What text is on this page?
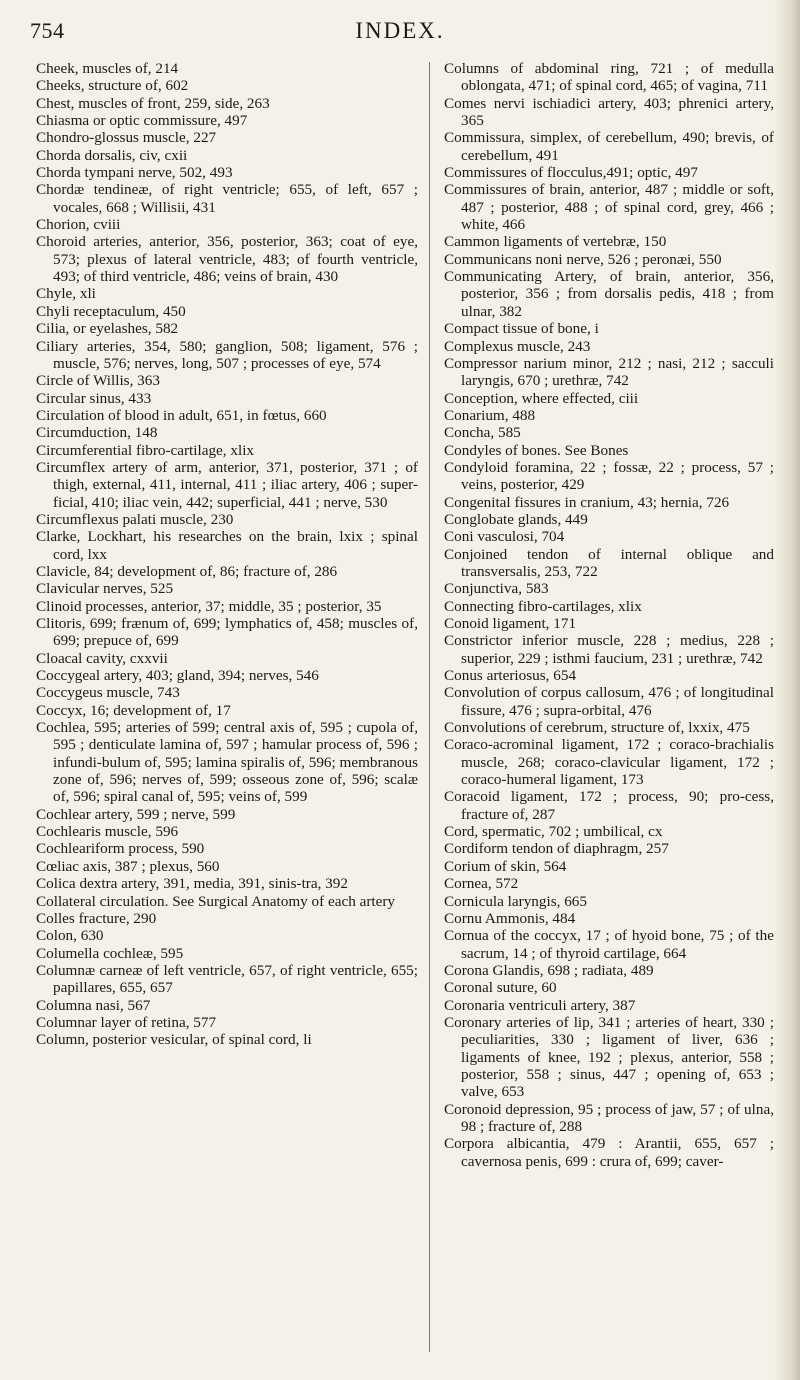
754	INDEX.

Cheek, muscles of, 214

Cheeks, structure of, 602

Chest, muscles of front, 259, side, 263

Chiasma or optic commissure, 497

Chondro-glossus muscle, 227

Chorda dorsalis, civ, cxii

Chorda tympani nerve, 502, 493

Chordæ tendineæ, of right ventricle; 655, of left, 657 ; vocales, 668 ; Willisii, 431

Chorion, cviii

Choroid arteries, anterior, 356, posterior, 363; coat of eye, 573; plexus of lateral ventricle, 483; of fourth ventricle, 493; of third ventricle, 486; veins of brain, 430

Chyle, xli

Chyli receptaculum, 450

Cilia, or eyelashes, 582

Ciliary arteries, 354, 580; ganglion, 508; ligament, 576 ; muscle, 576; nerves, long, 507 ; processes of eye, 574

Circle of Willis, 363

Circular sinus, 433

Circulation of blood in adult, 651, in fœtus, 660

Circumduction, 148

Circumferential fibro-cartilage, xlix

Circumflex artery of arm, anterior, 371, posterior, 371 ; of thigh, external, 411, internal, 411 ; iliac artery, 406 ; super-ficial, 410; iliac vein, 442; superficial, 441 ; nerve, 530

Circumflexus palati muscle, 230

Clarke, Lockhart, his researches on the brain, lxix ; spinal cord, lxx

Clavicle, 84; development of, 86; fracture of, 286

Clavicular nerves, 525

Clinoid processes, anterior, 37; middle, 35 ; posterior, 35

Clitoris, 699; frænum of, 699; lymphatics of, 458; muscles of, 699; prepuce of, 699

Cloacal cavity, cxxvii

Coccygeal artery, 403; gland, 394; nerves, 546

Coccygeus muscle, 743

Coccyx, 16; development of, 17

Cochlea, 595; arteries of 599; central axis of, 595 ; cupola of, 595 ; denticulate lamina of, 597 ; hamular process of, 596 ; infundi-bulum of, 595; lamina spiralis of, 596; membranous zone of, 596; nerves of, 599; osseous zone of, 596; scalæ of, 596; spiral canal of, 595; veins of, 599

Cochlear artery, 599 ; nerve, 599

Cochlearis muscle, 596

Cochleariform process, 590

Cœliac axis, 387 ; plexus, 560

Colica dextra artery, 391, media, 391, sinis-tra, 392

Collateral circulation. See Surgical Anatomy of each artery

Colles fracture, 290

Colon, 630

Columella cochleæ, 595

Columnæ carneæ of left ventricle, 657, of right ventricle, 655; papillares, 655, 657

Columna nasi, 567

Columnar layer of retina, 577

Column, posterior vesicular, of spinal cord, li

Columns of abdominal ring, 721 ; of medulla oblongata, 471; of spinal cord, 465; of vagina, 711

Comes nervi ischiadici artery, 403; phrenici artery, 365

Commissura, simplex, of cerebellum, 490; brevis, of cerebellum, 491

Commissures of flocculus,491; optic, 497

Commissures of brain, anterior, 487 ; middle or soft, 487 ; posterior, 488 ; of spinal cord, grey, 466 ; white, 466

Cammon ligaments of vertebræ, 150

Communicans noni nerve, 526 ; peronæi, 550

Communicating Artery, of brain, anterior, 356, posterior, 356 ; from dorsalis pedis, 418 ; from ulnar, 382

Compact tissue of bone, i

Complexus muscle, 243

Compressor narium minor, 212 ; nasi, 212 ; sacculi laryngis, 670 ; urethræ, 742

Conception, where effected, ciii

Conarium, 488

Concha, 585

Condyles of bones. See Bones

Condyloid foramina, 22 ; fossæ, 22 ; process, 57 ; veins, posterior, 429

Congenital fissures in cranium, 43; hernia, 726

Conglobate glands, 449

Coni vasculosi, 704

Conjoined tendon of internal oblique and transversalis, 253, 722

Conjunctiva, 583

Connecting fibro-cartilages, xlix

Conoid ligament, 171

Constrictor inferior muscle, 228 ; medius, 228 ; superior, 229 ; isthmi faucium, 231 ; urethræ, 742

Conus arteriosus, 654

Convolution of corpus callosum, 476 ; of longitudinal fissure, 476 ; supra-orbital, 476

Convolutions of cerebrum, structure of, lxxix, 475

Coraco-acrominal ligament, 172 ; coraco-brachialis muscle, 268; coraco-clavicular ligament, 172 ; coraco-humeral ligament, 173

Coracoid ligament, 172 ; process, 90; pro-cess, fracture of, 287

Cord, spermatic, 702 ; umbilical, cx

Cordiform tendon of diaphragm, 257

Corium of skin, 564

Cornea, 572

Cornicula laryngis, 665

Cornu Ammonis, 484

Cornua of the coccyx, 17 ; of hyoid bone, 75 ; of the sacrum, 14 ; of thyroid cartilage, 664

Corona Glandis, 698 ; radiata, 489

Coronal suture, 60

Coronaria ventriculi artery, 387

Coronary arteries of lip, 341 ; arteries of heart, 330 ; peculiarities, 330 ; ligament of liver, 636 ; ligaments of knee, 192 ; plexus, anterior, 558 ; posterior, 558 ; sinus, 447 ; opening of, 653 ; valve, 653

Coronoid depression, 95 ; process of jaw, 57 ; of ulna, 98 ; fracture of, 288

Corpora albicantia, 479 : Arantii, 655, 657 ; cavernosa penis, 699 : crura of, 699; caver-
